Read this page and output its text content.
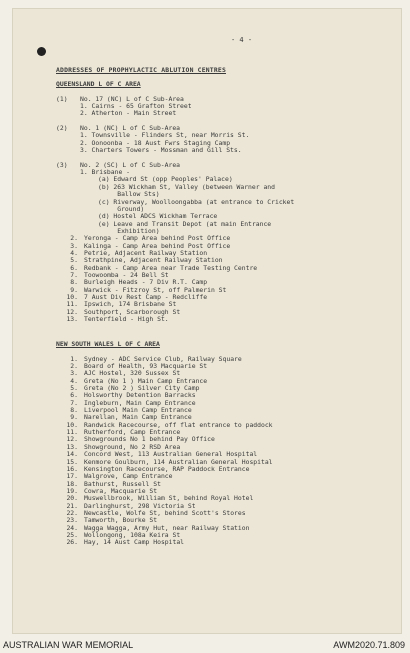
- 4 -
ADDRESSES OF PROPHYLACTIC ABLUTION CENTRES
QUEENSLAND L OF C AREA

(1) No. 17 (NC) L of C Sub-Area
1. Cairns - 65 Grafton Street
2. Atherton - Main Street

(2) No. 1 (NC) L of C Sub-Area
1. Townsville - Flinders St, near Morris St.
2. Oonoonba - 18 Aust Fwrs Staging Camp
3. Charters Towers - Mossman and Gill Sts.

(3) No. 2 (SC) L of C Sub-Area
1. Brisbane -
(a) Edward St (opp Peoples' Palace)
(b) 263 Wickham St, Valley (between Warner and
Ballow Sts)
(c) Riverway, Woolloongabba (at entrance to Cricket
Ground)
(d) Hostel ADCS Wickham Terrace
(e) Leave and Transit Depot (at main Entrance
Exhibition)
2. Yeronga - Camp Area behind Post Office
3. Kalinga - Camp Area behind Post Office
4. Petrie, Adjacent Railway Station
5. Strathpine, Adjacent Railway Station
6. Redbank - Camp Area near Trade Testing Centre
7. Toowoomba - 24 Bell St
8. Burleigh Heads - 7 Div R.T. Camp
9. Warwick - Fitzroy St, off Palmerin St
10. 7 Aust Div Rest Camp - Redcliffe
11. Ipswich, 174 Brisbane St
12. Southport, Scarborough St
13. Tenterfield - High St.
NEW SOUTH WALES L OF C AREA

1. Sydney - ADC Service Club, Railway Square
2. Board of Health, 93 Macquarie St
3. AJC Hostel, 320 Sussex St
4. Greta (No 1 ) Main Camp Entrance
5. Greta (No 2 ) Silver City Camp
6. Holsworthy Detention Barracks
7. Ingleburn, Main Camp Entrance
8. Liverpool Main Camp Entrance
9. Narellan, Main Camp Entrance
10. Randwick Racecourse, off flat entrance to paddock
11. Rutherford, Camp Entrance
12. Showgrounds No 1 behind Pay Office
13. Showground, No 2 RSD Area
14. Concord West, 113 Australian General Hospital
15. Kenmore Goulburn, 114 Australian General Hospital
16. Kensington Racecourse, RAP Paddock Entrance
17. Walgrove, Camp Entrance
18. Bathurst, Russell St
19. Cowra, Macquarie St
20. Muswellbrook, William St, behind Royal Hotel
21. Darlinghurst, 298 Victoria St
22. Newcastle, Wolfe St, behind Scott's Stores
23. Tamworth, Bourke St
24. Wagga Wagga, Army Hut, near Railway Station
25. Wollongong, 108a Keira St
26. Hay, 14 Aust Camp Hospital
AUSTRALIAN WAR MEMORIAL	AWM2020.71.809
